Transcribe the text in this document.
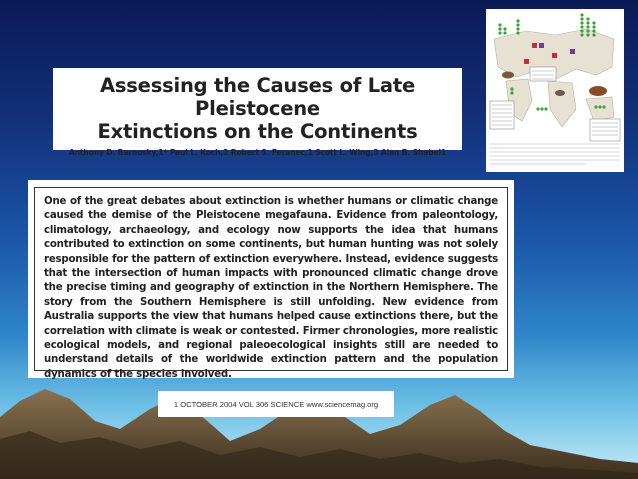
Assessing the Causes of Late Pleistocene
Extinctions on the Continents
Anthony D. Barnosky,1* Paul L. Koch,2 Robert S. Feranec,1 Scott L. Wing,3 Alan B. Shabel1

One of the great debates about extinction is whether humans or climatic change caused the demise of the Pleistocene megafauna. Evidence from paleontology, climatology, archaeology, and ecology now supports the idea that humans contributed to extinction on some continents, but human hunting was not solely responsible for the pattern of extinction everywhere. Instead, evidence suggests that the intersection of human impacts with pronounced climatic change drove the precise timing and geography of extinction in the Northern Hemisphere. The story from the Southern Hemisphere is still unfolding. New evidence from Australia supports the view that humans helped cause extinctions there, but the correlation with climate is weak or contested. Firmer chronologies, more realistic ecological models, and regional paleoecological insights still are needed to understand details of the worldwide extinction pattern and the population dynamics of the species involved.

1 OCTOBER 2004 VOL 306 SCIENCE www.sciencemag.org
